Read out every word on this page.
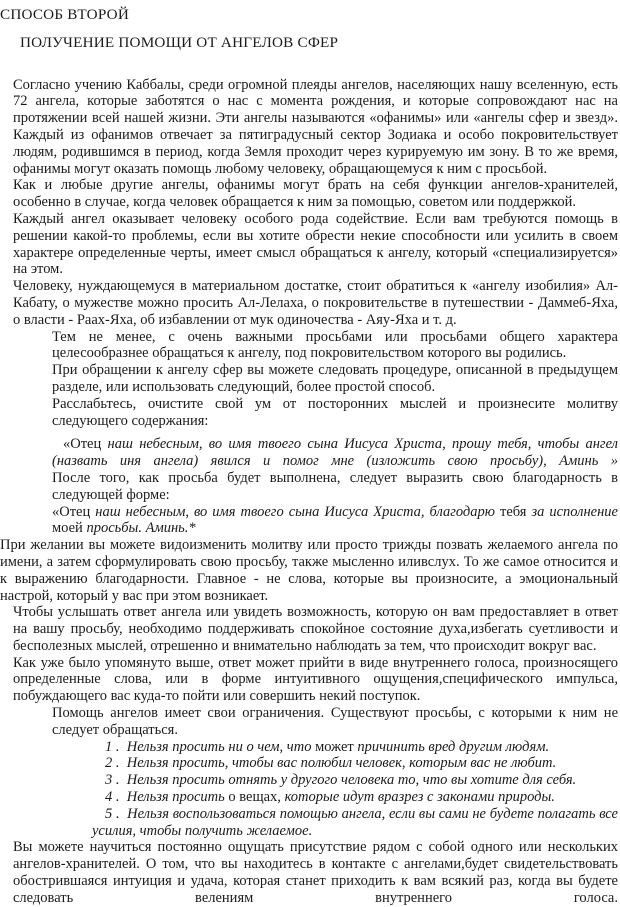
СПОСОБ ВТОРОЙ
ПОЛУЧЕНИЕ ПОМОЩИ ОТ АНГЕЛОВ СФЕР

Согласно учению Каббалы, среди огромной плеяды ангелов, населяющих нашу вселенную, есть 72 ангела, которые заботятся о нас с момента рождения, и которые сопровождают нас на протяжении всей нашей жизни. Эти ангелы называются «офанимы» или «ангелы сфер и звезд». Каждый из офанимов отвечает за пятиградусный сектор Зодиака и особо покровительствует людям, родившимся в период, когда Земля проходит через курируемую им зону. В то же время, офанимы могут оказать помощь любому человеку, обращающемуся к ним с просьбой.

Как и любые другие ангелы, офанимы могут брать на себя функции ангелов-хранителей, особенно в случае, когда человек обращается к ним за помощью, советом или поддержкой.

Каждый ангел оказывает человеку особого рода содействие. Если вам требуются помощь в решении какой-то проблемы, если вы хотите обрести некие способности или усилить в своем характере определенные черты, имеет смысл обращаться к ангелу, который «специализируется» на этом.

Человеку, нуждающемуся в материальном достатке, стоит обратиться к «ангелу изобилия» Ал-Кабату, о мужестве можно просить Ал-Лелаха, о покровительстве в путешествии - Даммеб-Яха, о власти - Раах-Яха, об избавлении от мук одиночества - Аяу-Яха и т. д.

Тем не менее, с очень важными просьбами или просьбами общего характера целесообразнее обращаться к ангелу, под покровительством которого вы родились.

При обращении к ангелу сфер вы можете следовать процедуре, описанной в предыдущем разделе, или использовать следующий, более простой способ.

Расслабьтесь, очистите свой ум от посторонних мыслей и произнесите молитву следующего содержания:

«Отец наш небесным, во имя твоего сына Иисуса Христа, прошу тебя, чтобы ангел (назвать иня ангела) явился и помог мне (изложить свою просьбу), Аминь »

После того, как просьба будет выполнена, следует выразить свою благодарность в следующей форме:

«Отец наш небесным, во имя твоего сына Иисуса Христа, благодарю тебя за исполнение моей просьбы. Аминь.*

При желании вы можете видоизменить молитву или просто трижды позвать желаемого ангела по имени, а затем сформулировать свою просьбу, также мысленно иливслух. То же самое относится и к выражению благодарности. Главное - не слова, которые вы произносите, а эмоциональный настрой, который у вас при этом возникает.

Чтобы услышать ответ ангела или увидеть возможность, которую он вам предоставляет в ответ на вашу просьбу, необходимо поддерживать спокойное состояние духа,избегать суетливости и бесполезных мыслей, отрешенно и внимательно наблюдать за тем, что происходит вокруг вас.

Как уже было упомянуто выше, ответ может прийти в виде внутреннего голоса, произносящего определенные слова, или в форме интуитивного ощущения,специфического импульса, побуждающего вас куда-то пойти или совершить некий поступок.

Помощь ангелов имеет свои ограничения. Существуют просьбы, с которыми к ним не следует обращаться.

1 .  Нельзя просить ни о чем, что может причинить вред другим людям.

2 .  Нельзя просить, чтобы вас полюбил человек, которым вас не любит.

3 .  Нельзя просить отнять у другого человека то, что вы хотите для себя.

4 .  Нельзя просить о вещах, которые идут вразрез с законами природы.

5 .  Нельзя воспользоваться помощью ангела, если вы сами не будете полагать все усилия, чтобы получить желаемое.

Вы можете научиться постоянно ощущать присутствие рядом с собой одного или нескольких ангелов-хранителей. О том, что вы находитесь в контакте с ангелами,будет свидетельствовать обострившаяся интуиция и удача, которая станет приходить к вам всякий раз, когда вы будете следовать велениям внутреннего голоса.
